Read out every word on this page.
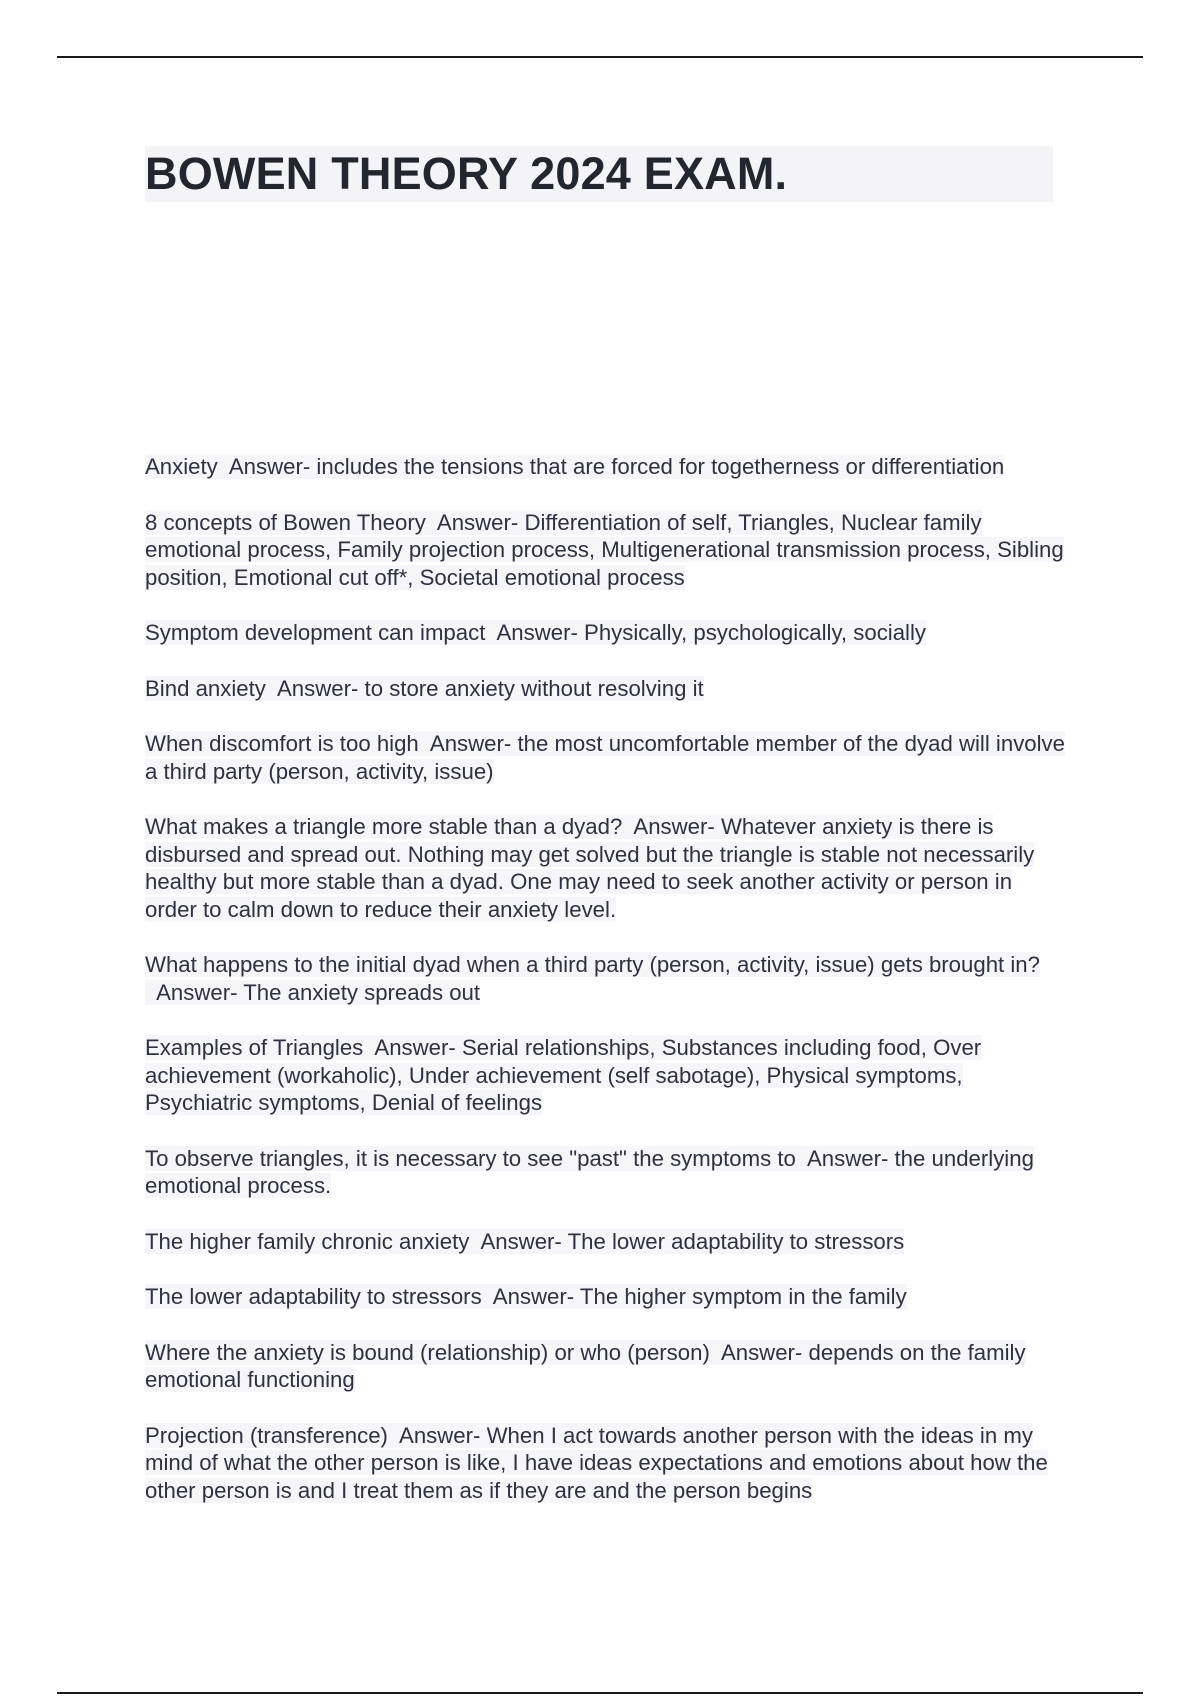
BOWEN THEORY 2024 EXAM.

Anxiety Answer- includes the tensions that are forced for togetherness or differentiation

8 concepts of Bowen Theory Answer- Differentiation of self, Triangles, Nuclear family emotional process, Family projection process, Multigenerational transmission process, Sibling position, Emotional cut off*, Societal emotional process

Symptom development can impact Answer- Physically, psychologically, socially

Bind anxiety Answer- to store anxiety without resolving it

When discomfort is too high Answer- the most uncomfortable member of the dyad will involve a third party (person, activity, issue)

What makes a triangle more stable than a dyad? Answer- Whatever anxiety is there is disbursed and spread out. Nothing may get solved but the triangle is stable not necessarily healthy but more stable than a dyad. One may need to seek another activity or person in order to calm down to reduce their anxiety level.

What happens to the initial dyad when a third party (person, activity, issue) gets brought in?  Answer- The anxiety spreads out

Examples of Triangles Answer- Serial relationships, Substances including food, Over achievement (workaholic), Under achievement (self sabotage), Physical symptoms, Psychiatric symptoms, Denial of feelings

To observe triangles, it is necessary to see "past" the symptoms to Answer- the underlying emotional process.

The higher family chronic anxiety Answer- The lower adaptability to stressors

The lower adaptability to stressors Answer- The higher symptom in the family

Where the anxiety is bound (relationship) or who (person) Answer- depends on the family emotional functioning

Projection (transference) Answer- When I act towards another person with the ideas in my mind of what the other person is like, I have ideas expectations and emotions about how the other person is and I treat them as if they are and the person begins
